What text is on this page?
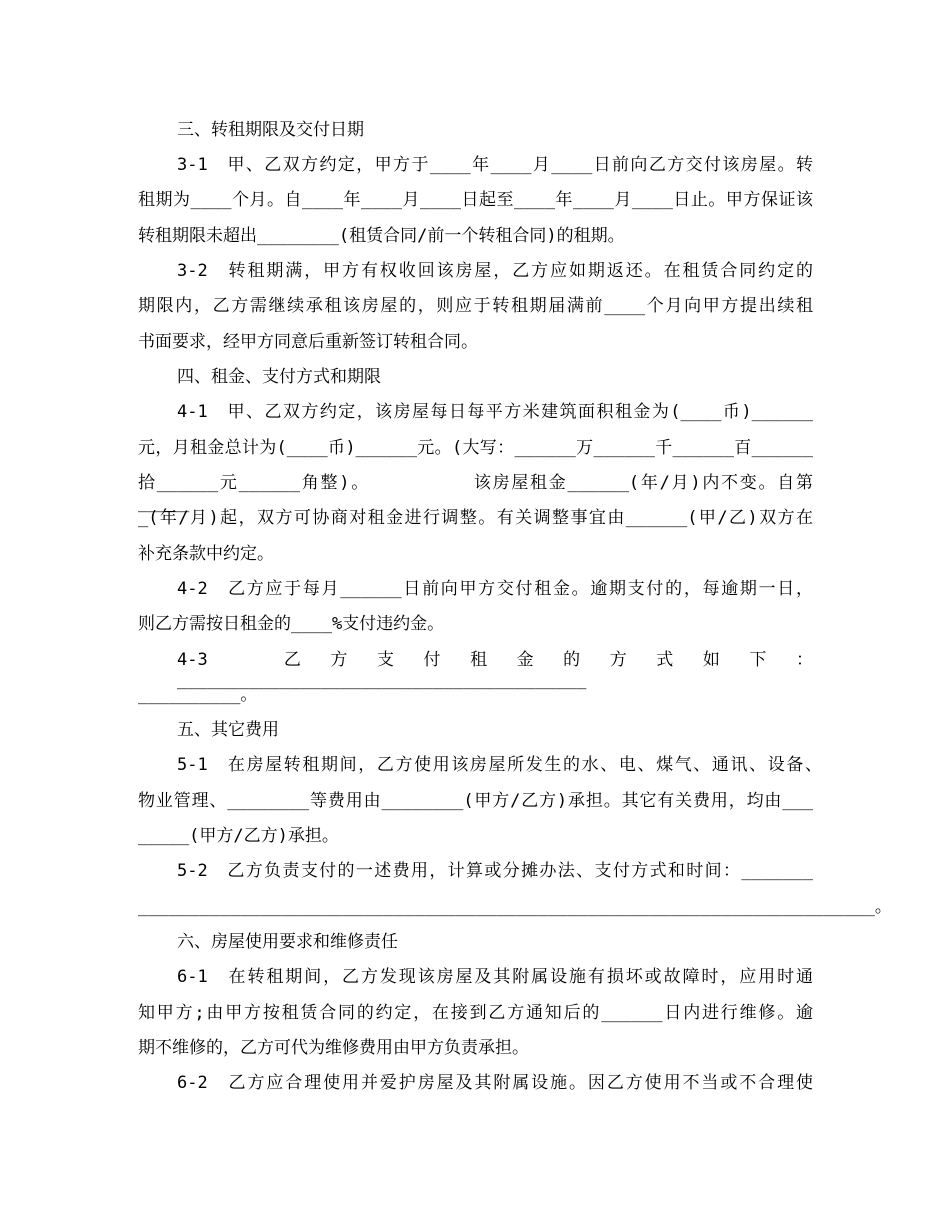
三、转租期限及交付日期
3-1　甲、乙双方约定，甲方于____年____月____日前向乙方交付该房屋。转
租期为____个月。自____年____月____日起至____年____月____日止。甲方保证该
转租期限未超出________(租赁合同/前一个转租合同)的租期。
3-2　转租期满，甲方有权收回该房屋，乙方应如期返还。在租赁合同约定的
期限内，乙方需继续承租该房屋的，则应于转租期届满前____个月向甲方提出续租
书面要求，经甲方同意后重新签订转租合同。
四、租金、支付方式和期限
4-1　甲、乙双方约定，该房屋每日每平方米建筑面积租金为(____币)______
元，月租金总计为(____币)______元。(大写：______万______千______百______
拾______元______角整)。　　　　　　该房屋租金______(年/月)内不变。自第_____
_(年/月)起，双方可协商对租金进行调整。有关调整事宜由______(甲/乙)双方在
补充条款中约定。
4-2　乙方应于每月______日前向甲方交付租金。逾期支付的，每逾期一日，
则乙方需按日租金的____%支付违约金。
4-3　乙方支付租金的方式如下：________________________________________
__________。
五、其它费用
5-1　在房屋转租期间，乙方使用该房屋所发生的水、电、煤气、通讯、设备、
物业管理、________等费用由________(甲方/乙方)承担。其它有关费用，均由___
_____(甲方/乙方)承担。
5-2　乙方负责支付的一述费用，计算或分摊办法、支付方式和时间：_______
________________________________________________________________________。
六、房屋使用要求和维修责任
6-1　在转租期间，乙方发现该房屋及其附属设施有损坏或故障时，应用时通
知甲方;由甲方按租赁合同的约定，在接到乙方通知后的______日内进行维修。逾
期不维修的，乙方可代为维修费用由甲方负责承担。
6-2　乙方应合理使用并爱护房屋及其附属设施。因乙方使用不当或不合理使
